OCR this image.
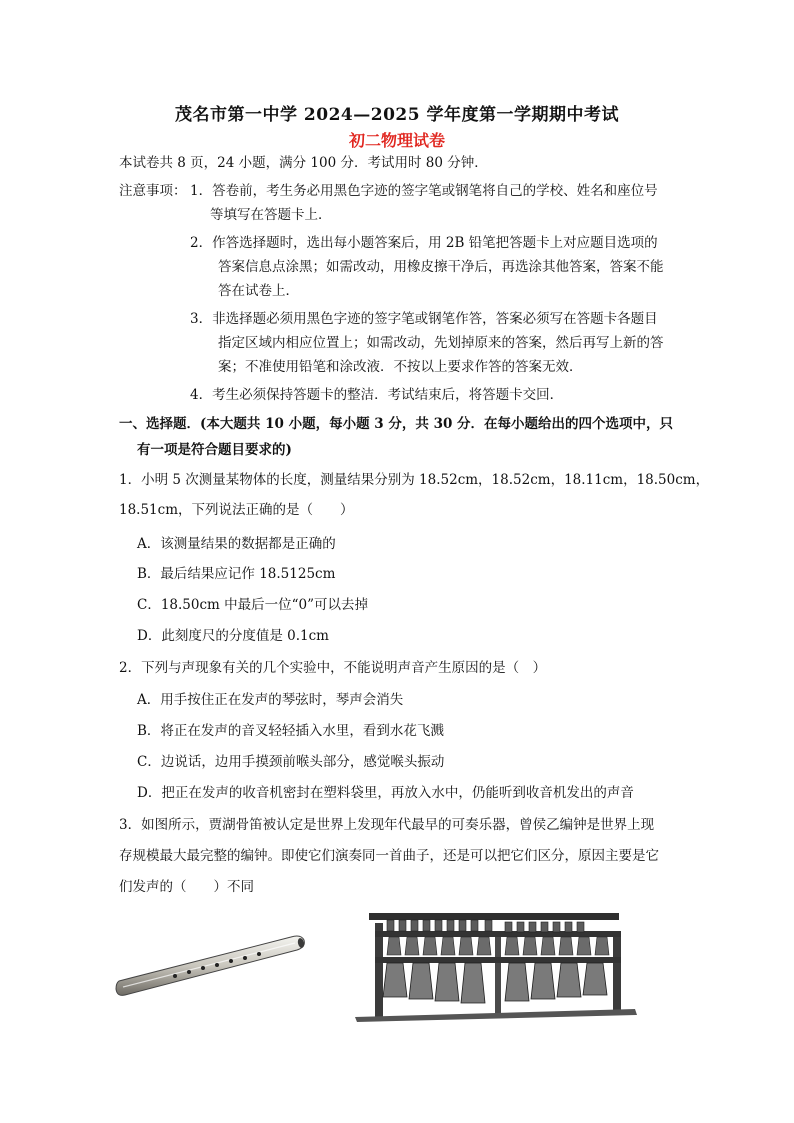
茂名市第一中学 2024—2025 学年度第一学期期中考试
初二物理试卷
本试卷共 8 页，24 小题，满分 100 分．考试用时 80 分钟．
注意事项： 1．答卷前，考生务必用黑色字迹的签字笔或钢笔将自己的学校、姓名和座位号
等填写在答题卡上．
2．作答选择题时，选出每小题答案后，用 2B 铅笔把答题卡上对应题目选项的
答案信息点涂黑；如需改动，用橡皮擦干净后，再选涂其他答案，答案不能
答在试卷上．
3．非选择题必须用黑色字迹的签字笔或钢笔作答，答案必须写在答题卡各题目
指定区域内相应位置上；如需改动，先划掉原来的答案，然后再写上新的答
案；不准使用铅笔和涂改液．不按以上要求作答的答案无效．
4．考生必须保持答题卡的整洁．考试结束后，将答题卡交回．
一、选择题．(本大题共 10 小题，每小题 3 分，共 30 分．在每小题给出的四个选项中，只
有一项是符合题目要求的)
1．小明 5 次测量某物体的长度，测量结果分别为 18.52cm，18.52cm，18.11cm，18.50cm，
18.51cm，下列说法正确的是（　　）
A．该测量结果的数据都是正确的
B．最后结果应记作 18.5125cm
C．18.50cm 中最后一位“0”可以去掉
D．此刻度尺的分度值是 0.1cm
2．下列与声现象有关的几个实验中，不能说明声音产生原因的是（　）
A．用手按住正在发声的琴弦时，琴声会消失
B．将正在发声的音叉轻轻插入水里，看到水花飞溅
C．边说话，边用手摸颈前喉头部分，感觉喉头振动
D．把正在发声的收音机密封在塑料袋里，再放入水中，仍能听到收音机发出的声音
3．如图所示，贾湖骨笛被认定是世界上发现年代最早的可奏乐器，曾侯乙编钟是世界上现
存规模最大最完整的编钟。即使它们演奏同一首曲子，还是可以把它们区分，原因主要是它
们发声的（　　）不同
